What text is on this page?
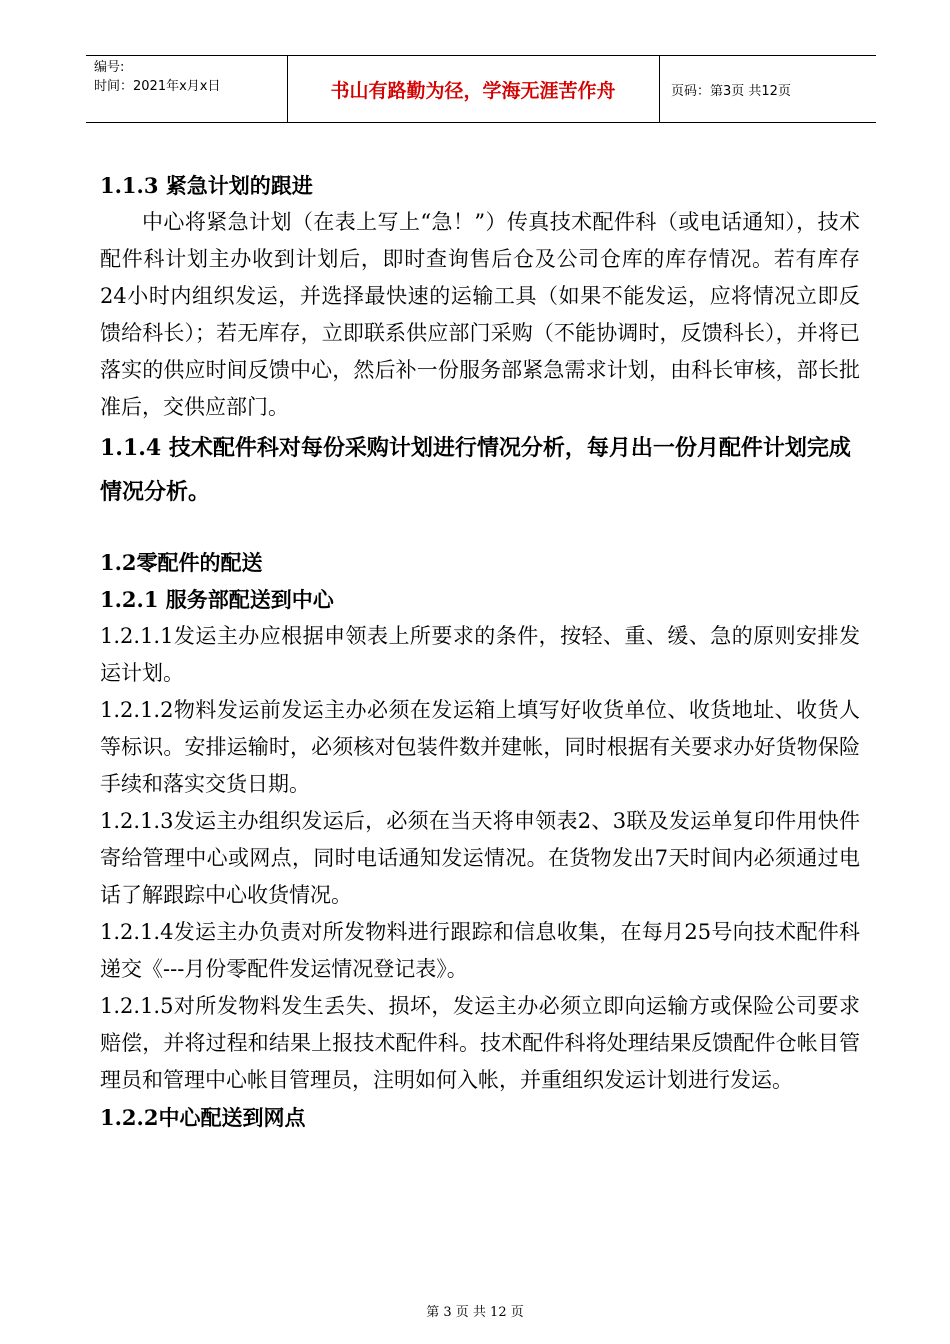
编号:
时间：2021年x月x日	书山有路勤为径，学海无涯苦作舟	页码：第3页 共12页

1.1.3 紧急计划的跟进

中心将紧急计划（在表上写上“急！”）传真技术配件科（或电话通知），技术配件科计划主办收到计划后，即时查询售后仓及公司仓库的库存情况。若有库存24小时内组织发运，并选择最快速的运输工具（如果不能发运，应将情况立即反馈给科长）；若无库存，立即联系供应部门采购（不能协调时，反馈科长），并将已落实的供应时间反馈中心，然后补一份服务部紧急需求计划，由科长审核，部长批准后，交供应部门。

1.1.4 技术配件科对每份采购计划进行情况分析，每月出一份月配件计划完成情况分析。

1.2零配件的配送

1.2.1 服务部配送到中心

1.2.1.1发运主办应根据申领表上所要求的条件，按轻、重、缓、急的原则安排发运计划。

1.2.1.2物料发运前发运主办必须在发运箱上填写好收货单位、收货地址、收货人等标识。安排运输时，必须核对包装件数并建帐，同时根据有关要求办好货物保险手续和落实交货日期。

1.2.1.3发运主办组织发运后，必须在当天将申领表2、3联及发运单复印件用快件寄给管理中心或网点，同时电话通知发运情况。在货物发出7天时间内必须通过电话了解跟踪中心收货情况。

1.2.1.4发运主办负责对所发物料进行跟踪和信息收集，在每月25号向技术配件科递交《---月份零配件发运情况登记表》。

1.2.1.5对所发物料发生丢失、损坏，发运主办必须立即向运输方或保险公司要求赔偿，并将过程和结果上报技术配件科。技术配件科将处理结果反馈配件仓帐目管理员和管理中心帐目管理员，注明如何入帐，并重组织发运计划进行发运。

1.2.2中心配送到网点

第 3 页 共 12 页
